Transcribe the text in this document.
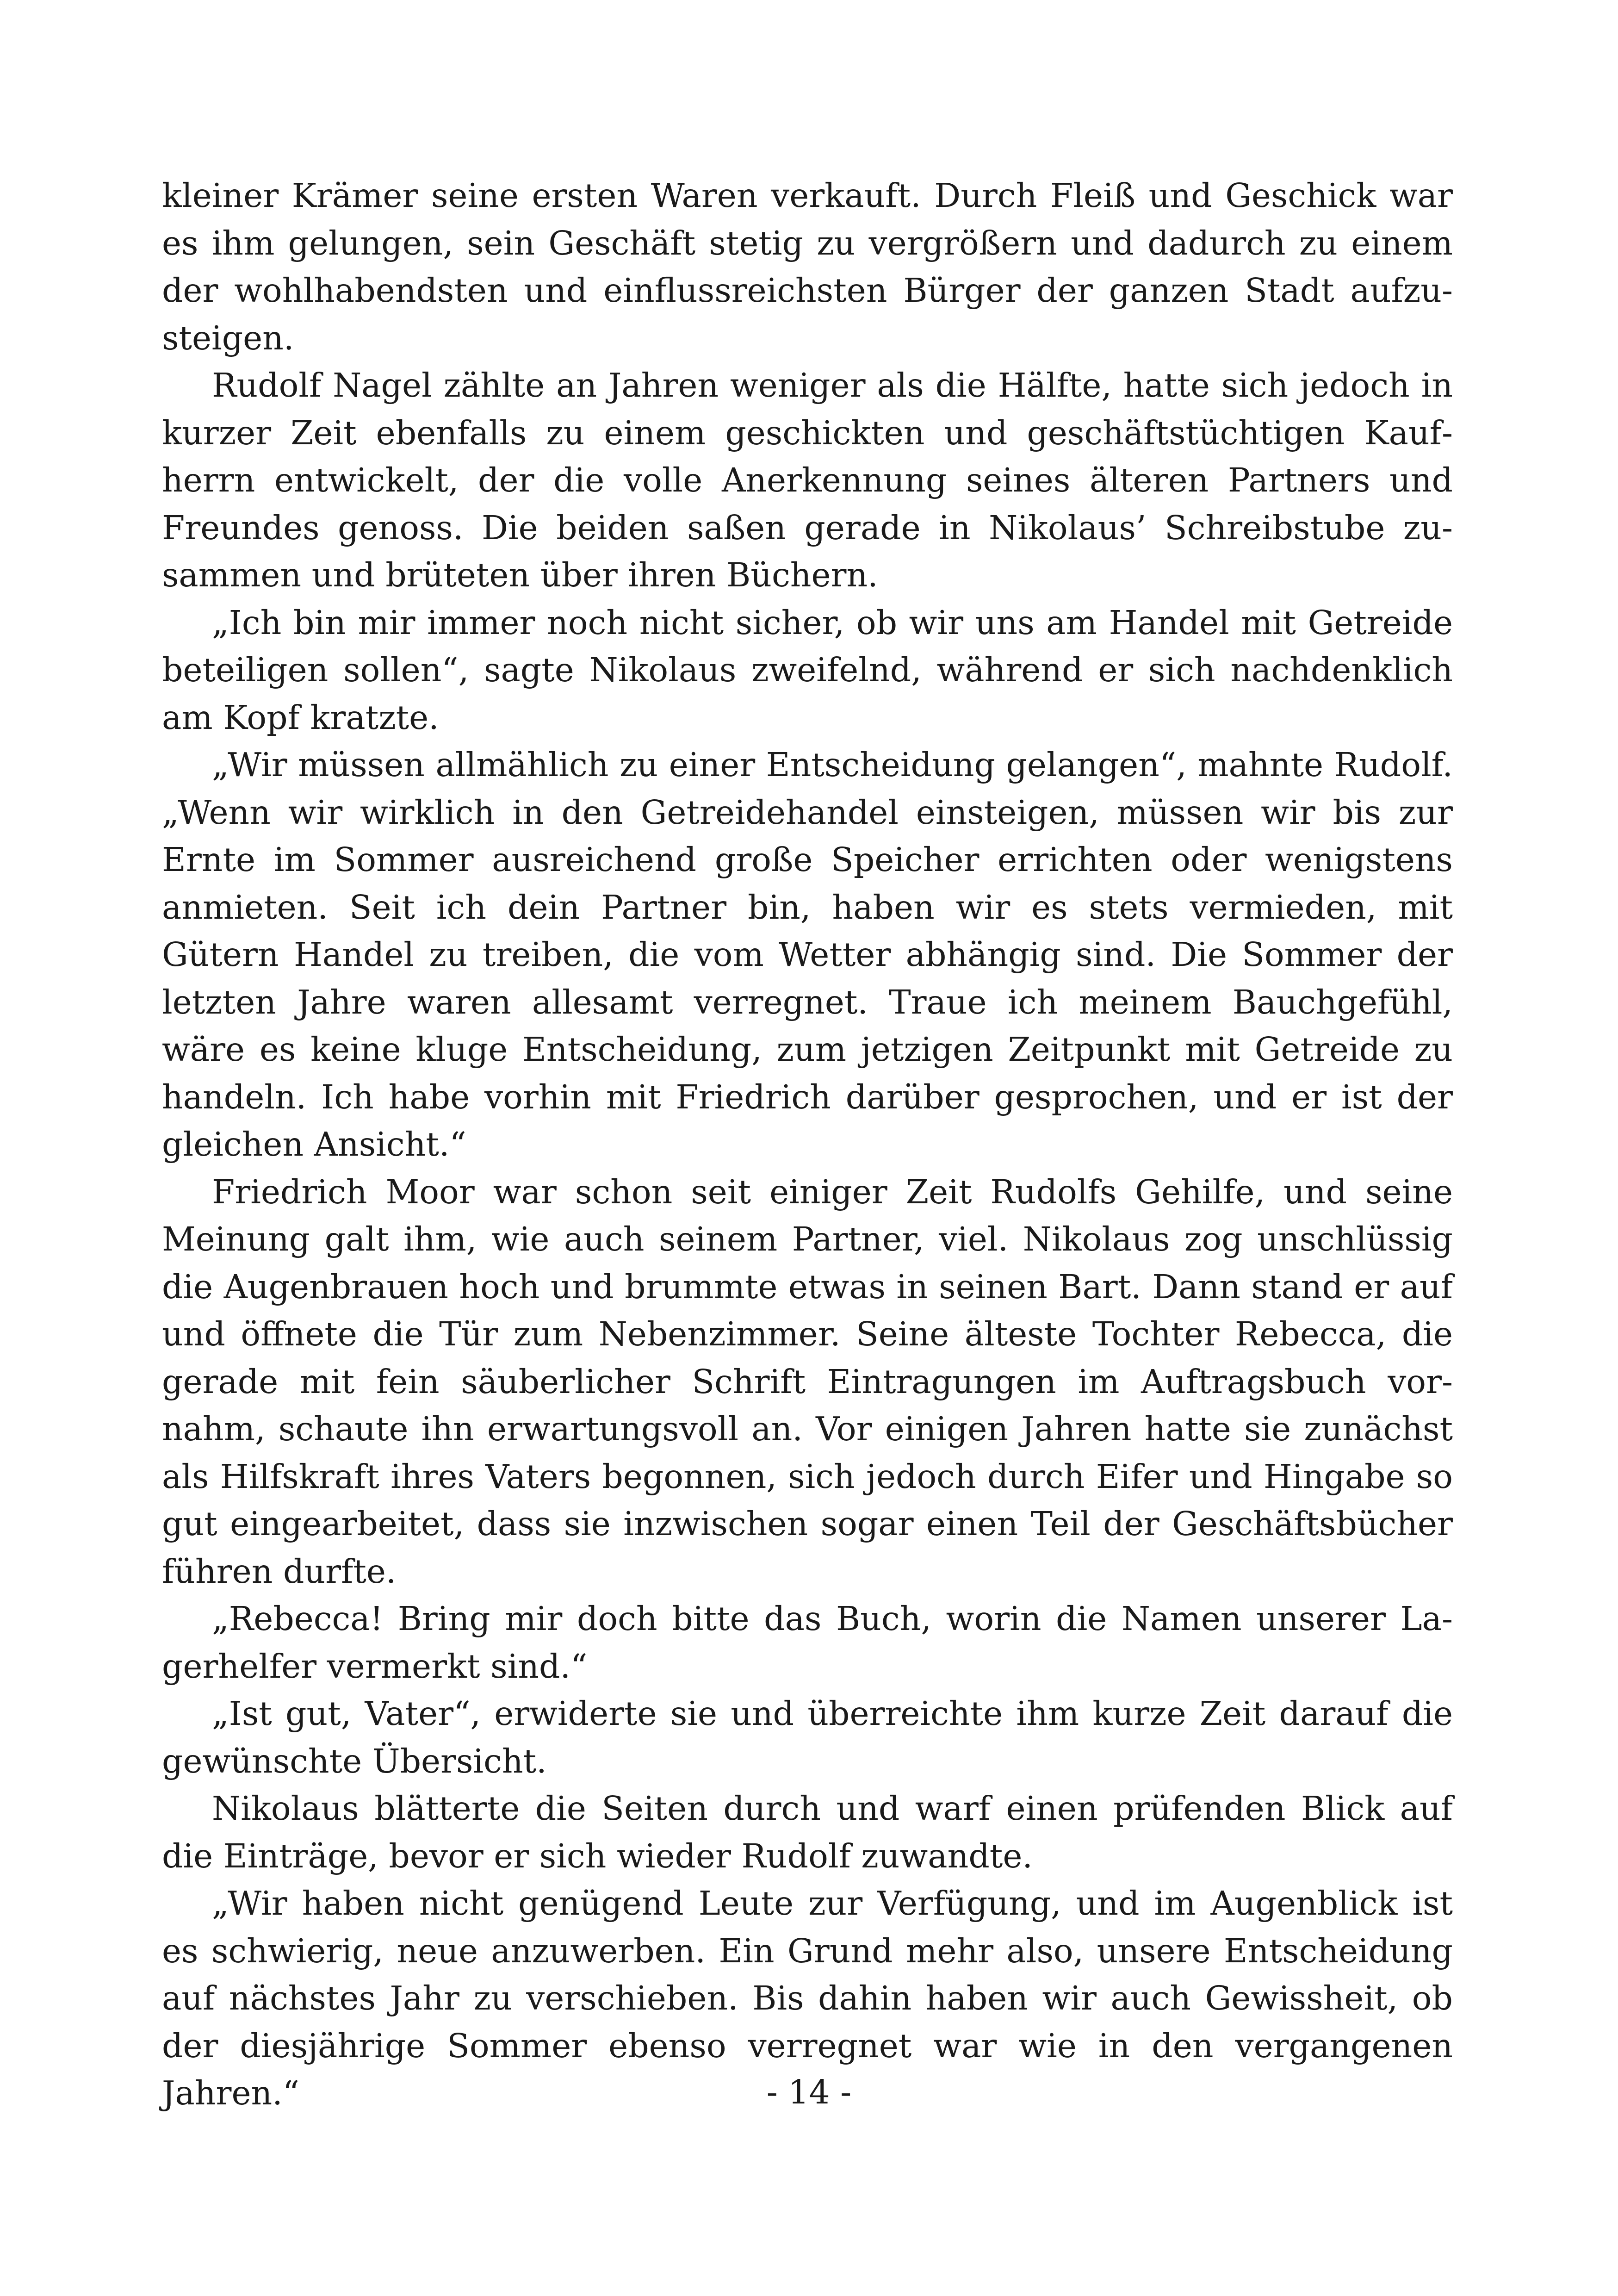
kleiner Krämer seine ersten Waren verkauft. Durch Fleiß und Geschick war es ihm gelungen, sein Geschäft stetig zu vergrößern und dadurch zu einem der wohlhabendsten und einflussreichsten Bürger der ganzen Stadt aufzusteigen.

Rudolf Nagel zählte an Jahren weniger als die Hälfte, hatte sich jedoch in kurzer Zeit ebenfalls zu einem geschickten und geschäftstüchtigen Kaufherrn entwickelt, der die volle Anerkennung seines älteren Partners und Freundes genoss. Die beiden saßen gerade in Nikolaus’ Schreibstube zusammen und brüteten über ihren Büchern.

„Ich bin mir immer noch nicht sicher, ob wir uns am Handel mit Getreide beteiligen sollen“, sagte Nikolaus zweifelnd, während er sich nachdenklich am Kopf kratzte.

„Wir müssen allmählich zu einer Entscheidung gelangen“, mahnte Rudolf. „Wenn wir wirklich in den Getreidehandel einsteigen, müssen wir bis zur Ernte im Sommer ausreichend große Speicher errichten oder wenigstens anmieten. Seit ich dein Partner bin, haben wir es stets vermieden, mit Gütern Handel zu treiben, die vom Wetter abhängig sind. Die Sommer der letzten Jahre waren allesamt verregnet. Traue ich meinem Bauchgefühl, wäre es keine kluge Entscheidung, zum jetzigen Zeitpunkt mit Getreide zu handeln. Ich habe vorhin mit Friedrich darüber gesprochen, und er ist der gleichen Ansicht.“

Friedrich Moor war schon seit einiger Zeit Rudolfs Gehilfe, und seine Meinung galt ihm, wie auch seinem Partner, viel. Nikolaus zog unschlüssig die Augenbrauen hoch und brummte etwas in seinen Bart. Dann stand er auf und öffnete die Tür zum Nebenzimmer. Seine älteste Tochter Rebecca, die gerade mit fein säuberlicher Schrift Eintragungen im Auftragsbuch vornahm, schaute ihn erwartungsvoll an. Vor einigen Jahren hatte sie zunächst als Hilfskraft ihres Vaters begonnen, sich jedoch durch Eifer und Hingabe so gut eingearbeitet, dass sie inzwischen sogar einen Teil der Geschäftsbücher führen durfte.

„Rebecca! Bring mir doch bitte das Buch, worin die Namen unserer Lagerhelfer vermerkt sind.“

„Ist gut, Vater“, erwiderte sie und überreichte ihm kurze Zeit darauf die gewünschte Übersicht.

Nikolaus blätterte die Seiten durch und warf einen prüfenden Blick auf die Einträge, bevor er sich wieder Rudolf zuwandte.

„Wir haben nicht genügend Leute zur Verfügung, und im Augenblick ist es schwierig, neue anzuwerben. Ein Grund mehr also, unsere Entscheidung auf nächstes Jahr zu verschieben. Bis dahin haben wir auch Gewissheit, ob der diesjährige Sommer ebenso verregnet war wie in den vergangenen Jahren.“	- 14 -
